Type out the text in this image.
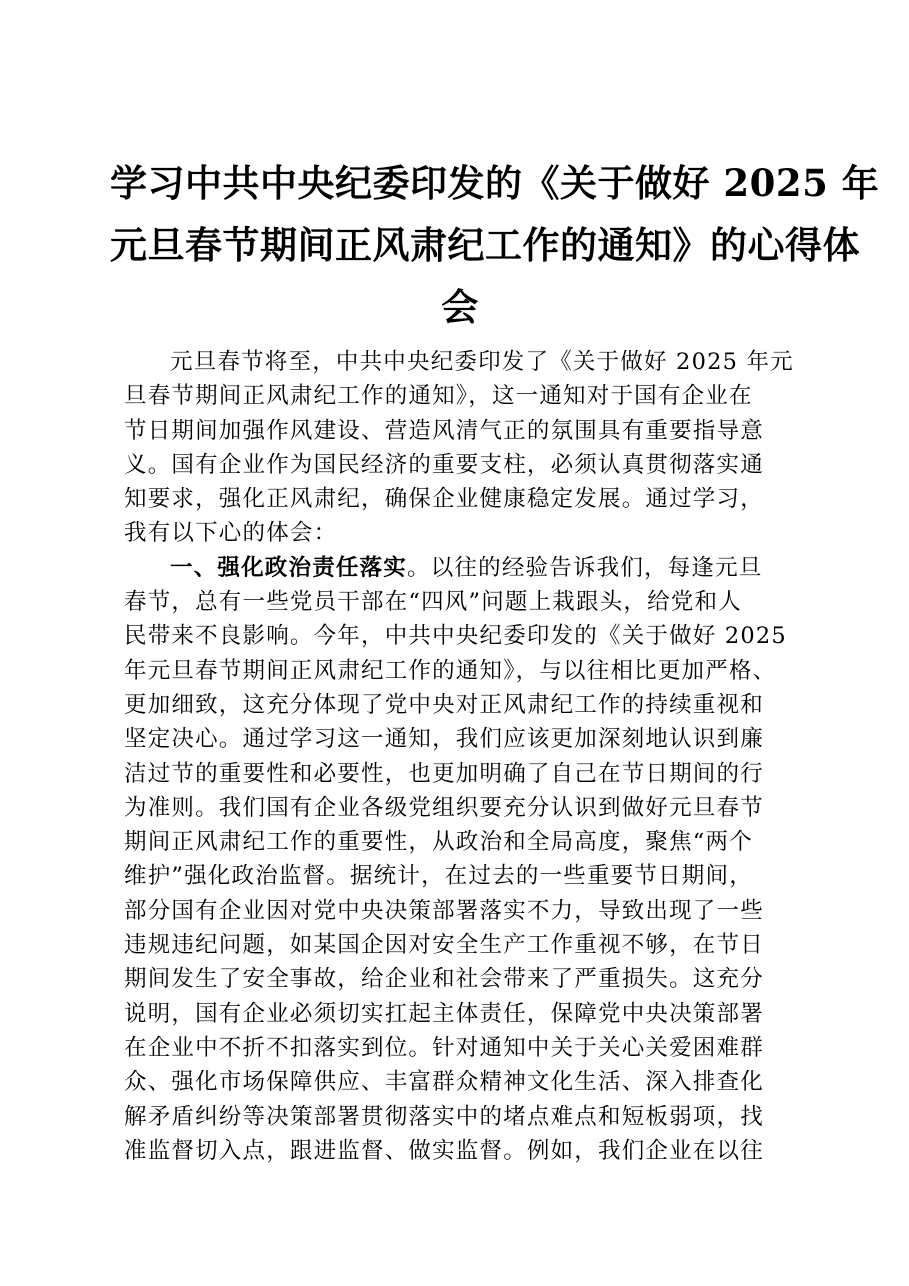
学习中共中央纪委印发的《关于做好 2025 年
元旦春节期间正风肃纪工作的通知》的心得体
会
元旦春节将至，中共中央纪委印发了《关于做好 2025 年元
旦春节期间正风肃纪工作的通知》，这一通知对于国有企业在
节日期间加强作风建设、营造风清气正的氛围具有重要指导意
义。国有企业作为国民经济的重要支柱，必须认真贯彻落实通
知要求，强化正风肃纪，确保企业健康稳定发展。通过学习，
我有以下心的体会：
一、强化政治责任落实。以往的经验告诉我们，每逢元旦
春节，总有一些党员干部在“四风”问题上栽跟头，给党和人
民带来不良影响。今年，中共中央纪委印发的《关于做好 2025
年元旦春节期间正风肃纪工作的通知》，与以往相比更加严格、
更加细致，这充分体现了党中央对正风肃纪工作的持续重视和
坚定决心。通过学习这一通知，我们应该更加深刻地认识到廉
洁过节的重要性和必要性，也更加明确了自己在节日期间的行
为准则。我们国有企业各级党组织要充分认识到做好元旦春节
期间正风肃纪工作的重要性，从政治和全局高度，聚焦“两个
维护”强化政治监督。据统计，在过去的一些重要节日期间，
部分国有企业因对党中央决策部署落实不力，导致出现了一些
违规违纪问题，如某国企因对安全生产工作重视不够，在节日
期间发生了安全事故，给企业和社会带来了严重损失。这充分
说明，国有企业必须切实扛起主体责任，保障党中央决策部署
在企业中不折不扣落实到位。针对通知中关于关心关爱困难群
众、强化市场保障供应、丰富群众精神文化生活、深入排查化
解矛盾纠纷等决策部署贯彻落实中的堵点难点和短板弱项，找
准监督切入点，跟进监督、做实监督。例如，我们企业在以往
